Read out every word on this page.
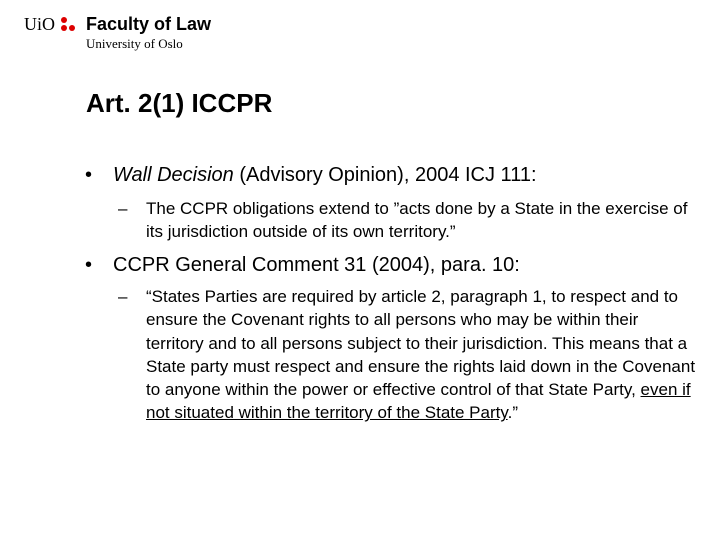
UiO Faculty of Law
University of Oslo
Art. 2(1) ICCPR
• Wall Decision (Advisory Opinion), 2004 ICJ 111:
– The CCPR obligations extend to ”acts done by a State in the exercise of its jurisdiction outside of its own territory.”
• CCPR General Comment 31 (2004), para. 10:
– “States Parties are required by article 2, paragraph 1, to respect and to ensure the Covenant rights to all persons who may be within their territory and to all persons subject to their jurisdiction. This means that a State party must respect and ensure the rights laid down in the Covenant to anyone within the power or effective control of that State Party, even if not situated within the territory of the State Party.”
